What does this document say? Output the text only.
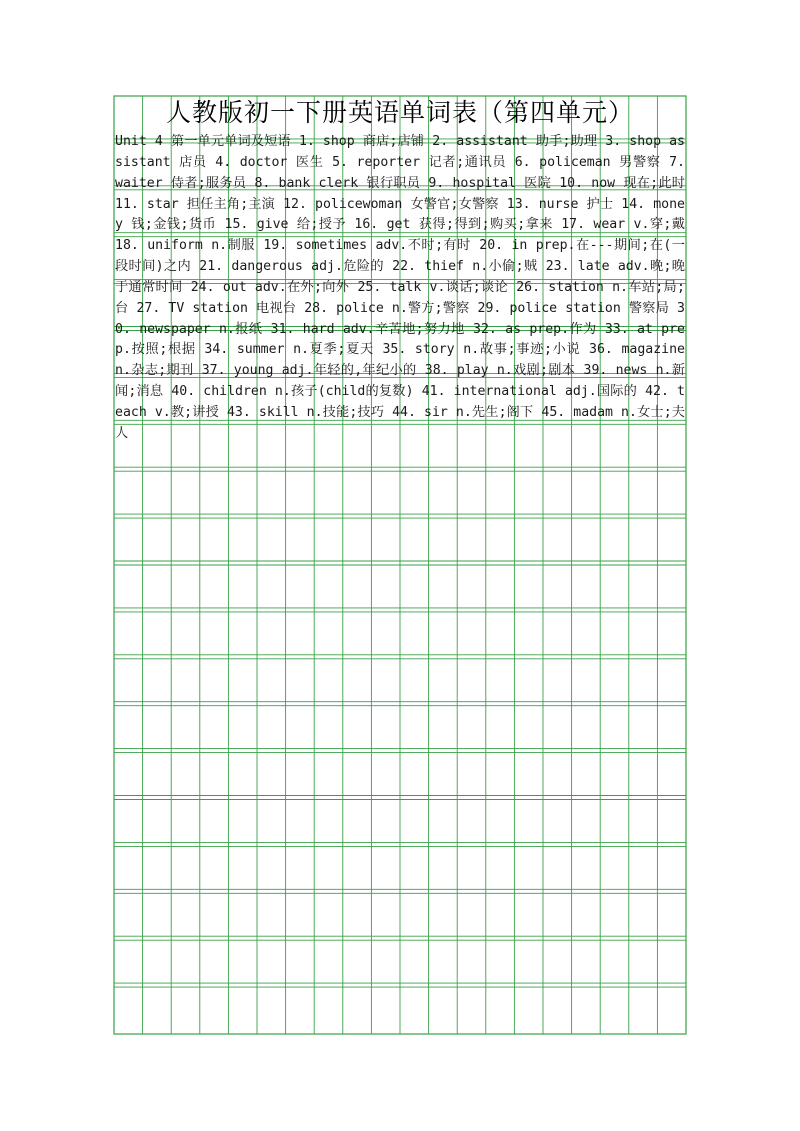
人教版初一下册英语单词表（第四单元）

Unit 4 第一单元单词及短语 1. shop 商店;店铺 2. assistant 助手;助理 3. shop assistant 店员 4. doctor 医生 5. reporter 记者;通讯员 6. policeman 男警察 7. waiter 侍者;服务员 8. bank clerk 银行职员 9. hospital 医院 10. now 现在;此时 11. star 担任主角;主演 12. policewoman 女警官;女警察 13. nurse 护士 14. money 钱;金钱;货币 15. give 给;授予 16. get 获得;得到;购买;拿来 17. wear v.穿;戴 18. uniform n.制服 19. sometimes adv.不时;有时 20. in prep.在---期间;在(一段时间)之内 21. dangerous adj.危险的 22. thief n.小偷;贼 23. late adv.晚;晚于通常时间 24. out adv.在外;向外 25. talk v.谈话;谈论 26. station n.车站;局;台 27. TV station 电视台 28. police n.警方;警察 29. police station 警察局 30. newspaper n.报纸 31. hard adv.辛苦地;努力地 32. as prep.作为 33. at prep.按照;根据 34. summer n.夏季;夏天 35. story n.故事;事迹;小说 36. magazine n.杂志;期刊 37. young adj.年轻的,年纪小的 38. play n.戏剧;剧本 39. news n.新闻;消息 40. children n.孩子(child的复数) 41. international adj.国际的 42. teach v.教;讲授 43. skill n.技能;技巧 44. sir n.先生;阁下 45. madam n.女士;夫人
